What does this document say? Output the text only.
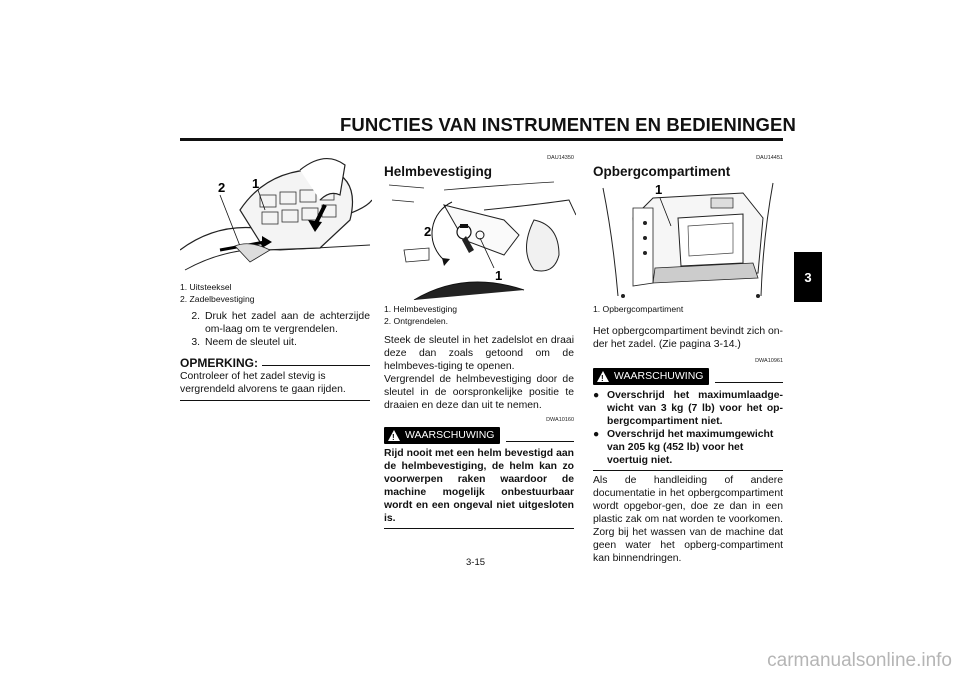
FUNCTIES VAN INSTRUMENTEN EN BEDIENINGEN
3
2 1
1. Uitsteeksel
2. Zadelbevestiging
2. Druk het zadel aan de achterzijde om-laag om te vergrendelen.
3. Neem de sleutel uit.
OPMERKING:

Controleer of het zadel stevig is vergrendeld alvorens te gaan rijden.

DAU14350
Helmbevestiging
2
1
1. Helmbevestiging
2. Ontgrendelen.

Steek de sleutel in het zadelslot en draai deze dan zoals getoond om de helmbeves-tiging te openen.

Vergrendel de helmbevestiging door de sleutel in de oorspronkelijke positie te draaien en deze dan uit te nemen.

DWA10160
! WAARSCHUWING

Rijd nooit met een helm bevestigd aan de helmbevestiging, de helm kan zo voorwerpen raken waardoor de machine mogelijk onbestuurbaar wordt en een ongeval niet uitgesloten is.

DAU14451
Opbergcompartiment
1
1. Opbergcompartiment

Het opbergcompartiment bevindt zich on-der het zadel. (Zie pagina 3-14.)

DWA10961
! WAARSCHUWING
● Overschrijd het maximumlaadge-wicht van 3 kg (7 lb) voor het op-bergcompartiment niet.
● Overschrijd het maximumgewicht van 205 kg (452 lb) voor het voertuig niet.

Als de handleiding of andere documentatie in het opbergcompartiment wordt opgebor-gen, doe ze dan in een plastic zak om nat worden te voorkomen. Zorg bij het wassen van de machine dat geen water het opberg-compartiment kan binnendringen.

3-15
carmanualsonline.info
